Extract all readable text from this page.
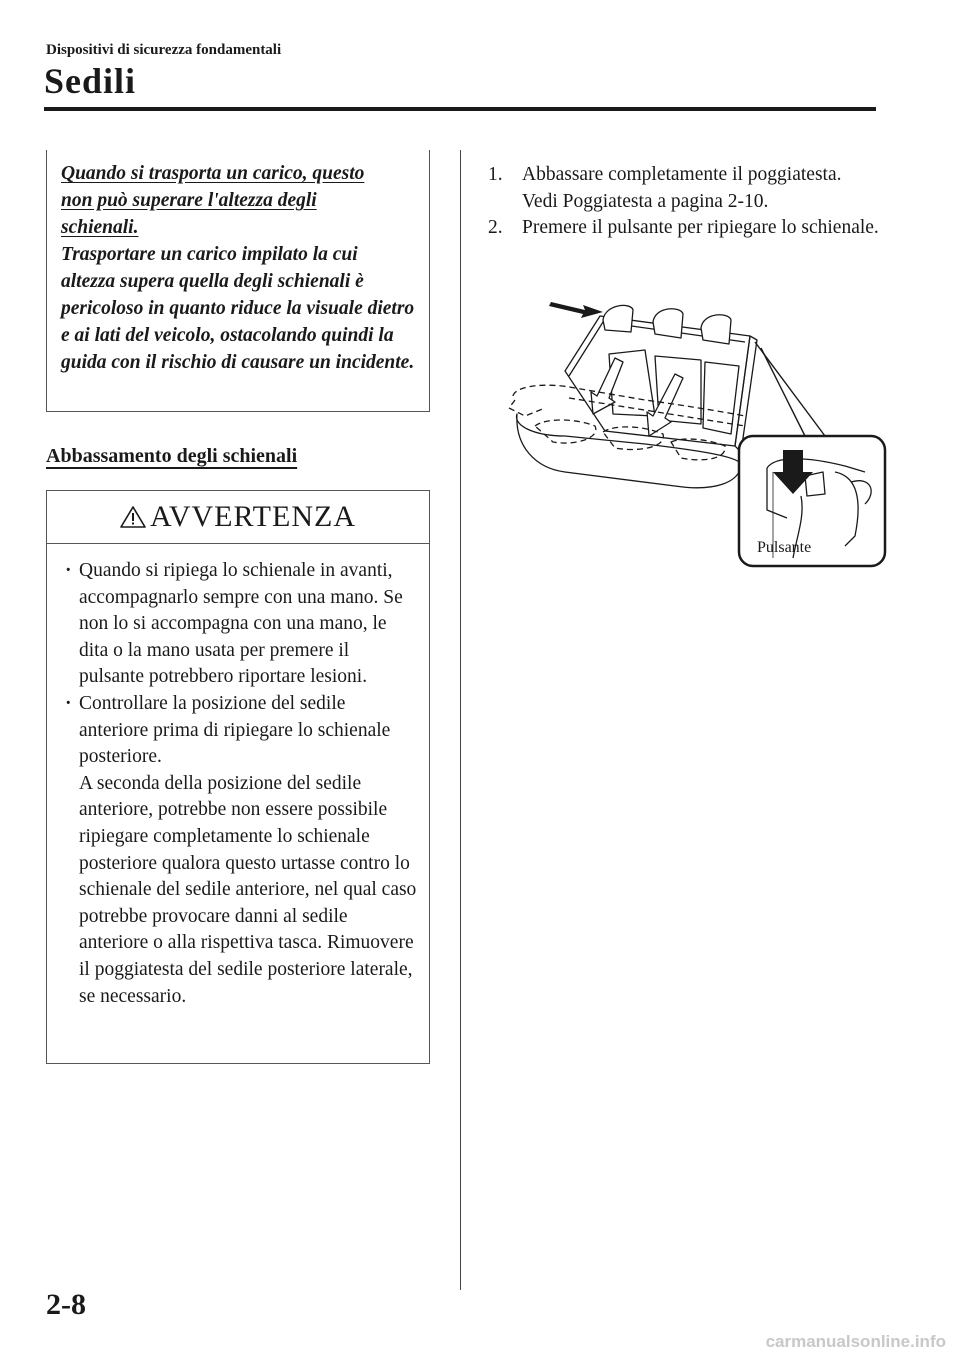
Dispositivi di sicurezza fondamentali
Sedili

Quando si trasporta un carico, questo

non può superare l'altezza degli

schienali.

Trasportare un carico impilato la cui altezza supera quella degli schienali è pericoloso in quanto riduce la visuale dietro e ai lati del veicolo, ostacolando quindi la guida con il rischio di causare un incidente.

Abbassamento degli schienali
AVVERTENZA
· Quando si ripiega lo schienale in avanti, accompagnarlo sempre con una mano. Se non lo si accompagna con una mano, le dita o la mano usata per premere il pulsante potrebbero riportare lesioni.
· Controllare la posizione del sedile anteriore prima di ripiegare lo schienale posteriore.
A seconda della posizione del sedile anteriore, potrebbe non essere possibile ripiegare completamente lo schienale posteriore qualora questo urtasse contro lo schienale del sedile anteriore, nel qual caso potrebbe provocare danni al sedile anteriore o alla rispettiva tasca. Rimuovere il poggiatesta del sedile posteriore laterale, se necessario.
1. Abbassare completamente il poggiatesta.
Vedi Poggiatesta a pagina 2-10.
2. Premere il pulsante per ripiegare lo schienale.
Pulsante
2-8
carmanualsonline.info
